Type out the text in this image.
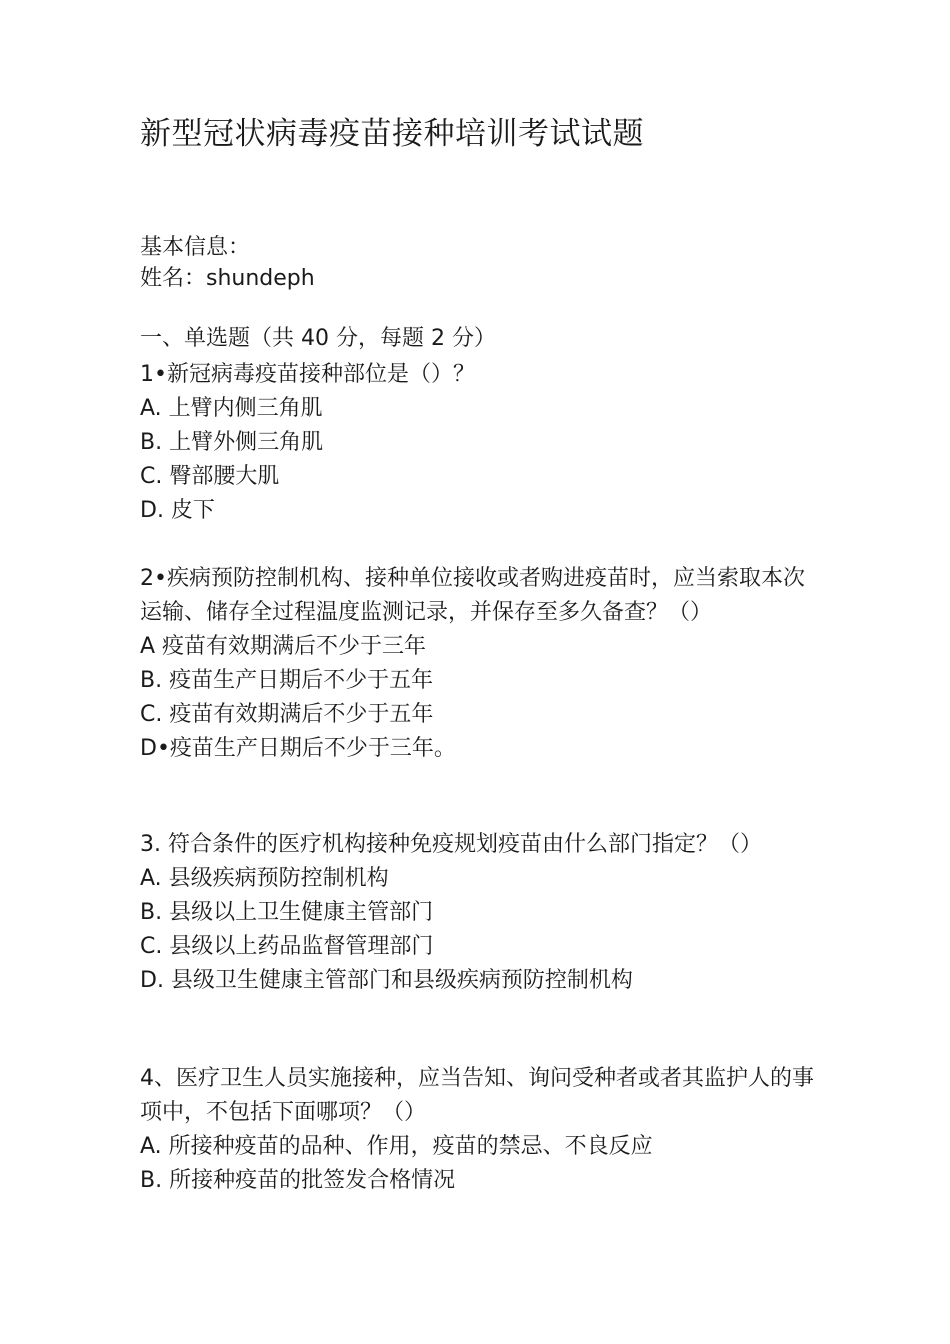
新型冠状病毒疫苗接种培训考试试题
基本信息：
姓名：shundeph
一、单选题（共 40 分，每题 2 分）
1•新冠病毒疫苗接种部位是（）？
A. 上臂内侧三角肌
B. 上臂外侧三角肌
C. 臀部腰大肌
D. 皮下
2•疾病预防控制机构、接种单位接收或者购进疫苗时，应当索取本次运输、储存全过程温度监测记录，并保存至多久备查？（）
A 疫苗有效期满后不少于三年
B. 疫苗生产日期后不少于五年
C. 疫苗有效期满后不少于五年
D•疫苗生产日期后不少于三年。
3. 符合条件的医疗机构接种免疫规划疫苗由什么部门指定？（）
A. 县级疾病预防控制机构
B. 县级以上卫生健康主管部门
C. 县级以上药品监督管理部门
D. 县级卫生健康主管部门和县级疾病预防控制机构
4、医疗卫生人员实施接种，应当告知、询问受种者或者其监护人的事项中，不包括下面哪项？（）
A. 所接种疫苗的品种、作用，疫苗的禁忌、不良反应
B. 所接种疫苗的批签发合格情况
